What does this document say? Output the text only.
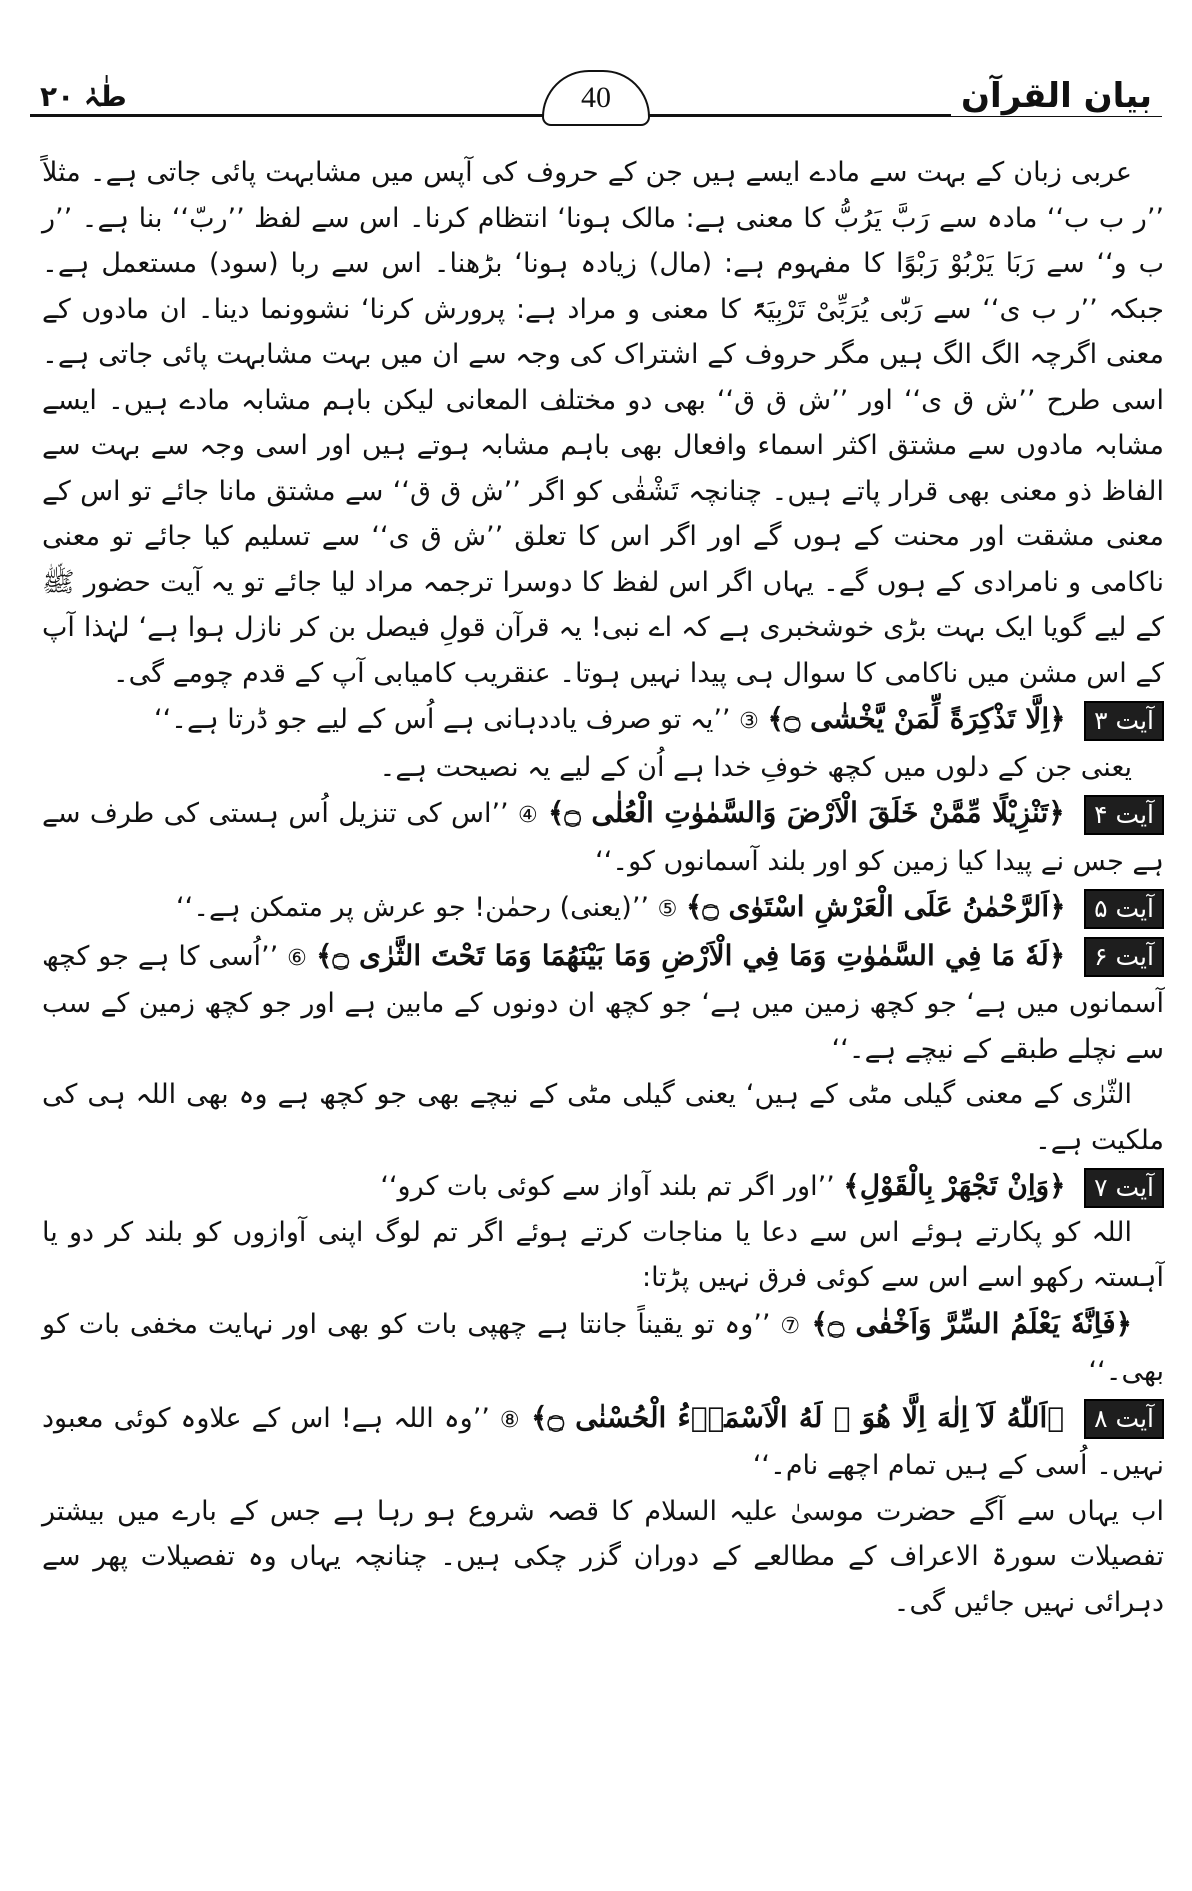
بیان القرآن
40
طٰہٰ ۲۰

عربی زبان کے بہت سے مادے ایسے ہیں جن کے حروف کی آپس میں مشابہت پائی جاتی ہے۔ مثلاً ’’ر ب ب‘‘ مادہ سے رَبَّ یَرُبُّ کا معنی ہے: مالک ہونا‘ انتظام کرنا۔ اس سے لفظ ’’ربّ‘‘ بنا ہے۔ ’’ر ب و‘‘ سے رَبَا یَرْبُوْ رَبْوًا کا مفہوم ہے: (مال) زیادہ ہونا‘ بڑھنا۔ اس سے ربا (سود) مستعمل ہے۔ جبکہ ’’ر ب ی‘‘ سے رَبّٰی یُرَبِّیْ تَرْبِیَۃً کا معنی و مراد ہے: پرورش کرنا‘ نشوونما دینا۔ ان مادوں کے معنی اگرچہ الگ الگ ہیں مگر حروف کے اشتراک کی وجہ سے ان میں بہت مشابہت پائی جاتی ہے۔ اسی طرح ’’ش ق ی‘‘ اور ’’ش ق ق‘‘ بھی دو مختلف المعانی لیکن باہم مشابہ مادے ہیں۔ ایسے مشابہ مادوں سے مشتق اکثر اسماء وافعال بھی باہم مشابہ ہوتے ہیں اور اسی وجہ سے بہت سے الفاظ ذو معنی بھی قرار پاتے ہیں۔ چنانچہ تَشْقٰی کو اگر ’’ش ق ق‘‘ سے مشتق مانا جائے تو اس کے معنی مشقت اور محنت کے ہوں گے اور اگر اس کا تعلق ’’ش ق ی‘‘ سے تسلیم کیا جائے تو معنی ناکامی و نامرادی کے ہوں گے۔ یہاں اگر اس لفظ کا دوسرا ترجمہ مراد لیا جائے تو یہ آیت حضور ﷺ کے لیے گویا ایک بہت بڑی خوشخبری ہے کہ اے نبی! یہ قرآن قولِ فیصل بن کر نازل ہوا ہے‘ لہٰذا آپ کے اس مشن میں ناکامی کا سوال ہی پیدا نہیں ہوتا۔ عنقریب کامیابی آپ کے قدم چومے گی۔

آیت ۳ ﴿اِلَّا تَذْكِرَةً لِّمَنْ يَّخْشٰى ۝﴾ ③ ’’یہ تو صرف یاددہانی ہے اُس کے لیے جو ڈرتا ہے۔‘‘

یعنی جن کے دلوں میں کچھ خوفِ خدا ہے اُن کے لیے یہ نصیحت ہے۔

آیت ۴ ﴿تَنْزِيْلًا مِّمَّنْ خَلَقَ الْاَرْضَ وَالسَّمٰوٰتِ الْعُلٰى ۝﴾ ④ ’’اس کی تنزیل اُس ہستی کی طرف سے ہے جس نے پیدا کیا زمین کو اور بلند آسمانوں کو۔‘‘

آیت ۵ ﴿اَلرَّحْمٰنُ عَلَى الْعَرْشِ اسْتَوٰى ۝﴾ ⑤ ’’(یعنی) رحمٰن! جو عرش پر متمکن ہے۔‘‘

آیت ۶ ﴿لَهٗ مَا فِي السَّمٰوٰتِ وَمَا فِي الْاَرْضِ وَمَا بَيْنَهُمَا وَمَا تَحْتَ الثَّرٰى ۝﴾ ⑥ ’’اُسی کا ہے جو کچھ آسمانوں میں ہے‘ جو کچھ زمین میں ہے‘ جو کچھ ان دونوں کے مابین ہے اور جو کچھ زمین کے سب سے نچلے طبقے کے نیچے ہے۔‘‘

الثّرٰی کے معنی گیلی مٹی کے ہیں‘ یعنی گیلی مٹی کے نیچے بھی جو کچھ ہے وہ بھی اللہ ہی کی ملکیت ہے۔

آیت ۷ ﴿وَاِنْ تَجْهَرْ بِالْقَوْلِ﴾ ’’اور اگر تم بلند آواز سے کوئی بات کرو‘‘

اللہ کو پکارتے ہوئے اس سے دعا یا مناجات کرتے ہوئے اگر تم لوگ اپنی آوازوں کو بلند کر دو یا آہستہ رکھو اسے اس سے کوئی فرق نہیں پڑتا:

﴿فَاِنَّهٗ يَعْلَمُ السِّرَّ وَاَخْفٰى ۝﴾ ⑦ ’’وہ تو یقیناً جانتا ہے چھپی بات کو بھی اور نہایت مخفی بات کو بھی۔‘‘

آیت ۸ ﴿اَللّٰهُ لَآ اِلٰهَ اِلَّا هُوَ ۭ لَهُ الْاَسْمَاۗءُ الْحُسْنٰى ۝﴾ ⑧ ’’وہ اللہ ہے! اس کے علاوہ کوئی معبود نہیں۔ اُسی کے ہیں تمام اچھے نام۔‘‘

اب یہاں سے آگے حضرت موسیٰ علیہ السلام کا قصہ شروع ہو رہا ہے جس کے بارے میں بیشتر تفصیلات سورۃ الاعراف کے مطالعے کے دوران گزر چکی ہیں۔ چنانچہ یہاں وہ تفصیلات پھر سے دہرائی نہیں جائیں گی۔
